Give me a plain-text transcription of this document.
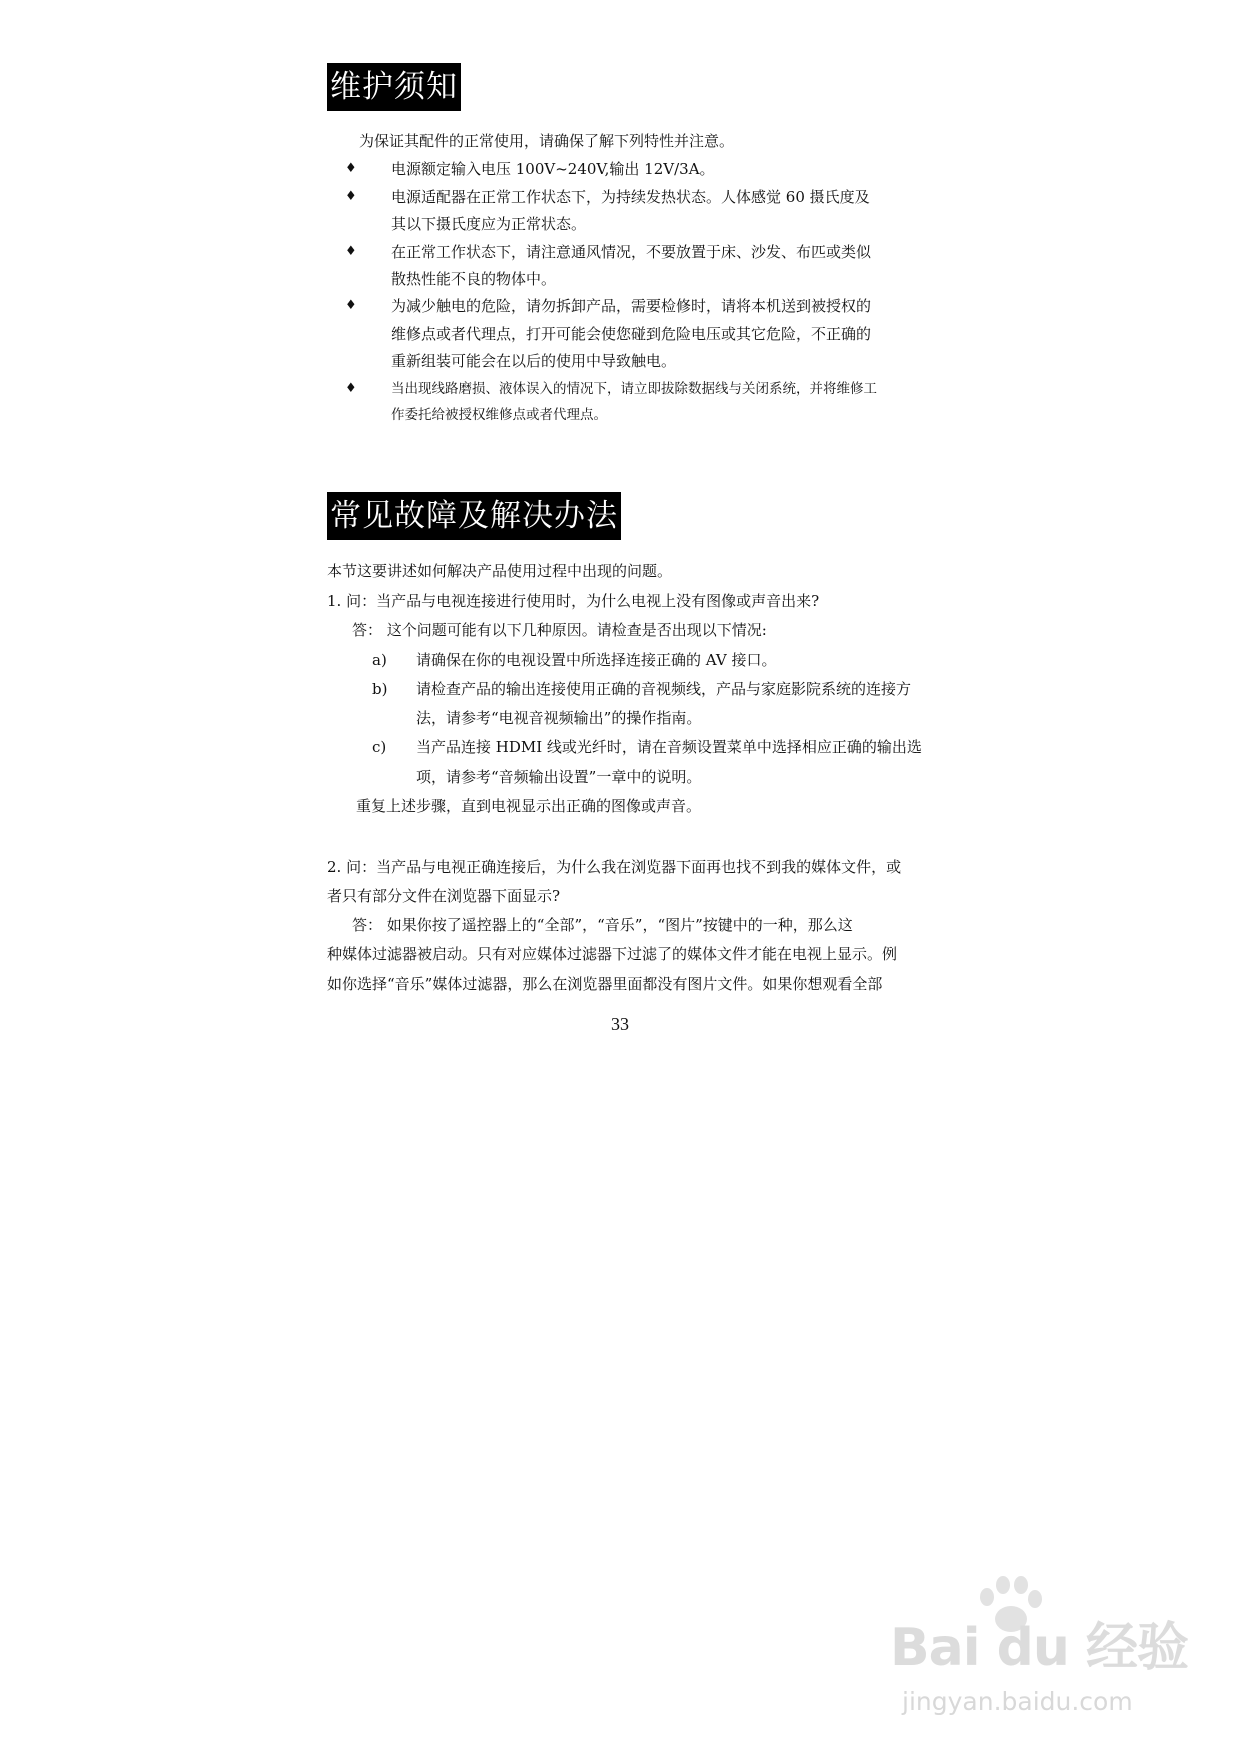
维护须知
为保证其配件的正常使用，请确保了解下列特性并注意。
♦ 电源额定输入电压 100V~240V,输出 12V/3A。
♦ 电源适配器在正常工作状态下，为持续发热状态。人体感觉 60 摄氏度及
其以下摄氏度应为正常状态。
♦ 在正常工作状态下，请注意通风情况，不要放置于床、沙发、布匹或类似
散热性能不良的物体中。
♦ 为减少触电的危险，请勿拆卸产品，需要检修时，请将本机送到被授权的
维修点或者代理点，打开可能会使您碰到危险电压或其它危险，不正确的
重新组装可能会在以后的使用中导致触电。
♦	当出现线路磨损、液体误入的情况下，请立即拔除数据线与关闭系统，并将维修工
作委托给被授权维修点或者代理点。
常见故障及解决办法
本节这要讲述如何解决产品使用过程中出现的问题。
1. 问：当产品与电视连接进行使用时，为什么电视上没有图像或声音出来?
答： 这个问题可能有以下几种原因。请检查是否出现以下情况:
a) 请确保在你的电视设置中所选择连接正确的 AV 接口。
b) 请检查产品的输出连接使用正确的音视频线，产品与家庭影院系统的连接方
法，请参考“电视音视频输出”的操作指南。
c) 当产品连接 HDMI 线或光纤时，请在音频设置菜单中选择相应正确的输出选
项，请参考“音频输出设置”一章中的说明。
重复上述步骤，直到电视显示出正确的图像或声音。
2. 问：当产品与电视正确连接后，为什么我在浏览器下面再也找不到我的媒体文件，或
者只有部分文件在浏览器下面显示?
答： 如果你按了遥控器上的“全部”，“音乐”，“图片”按键中的一种，那么这
种媒体过滤器被启动。只有对应媒体过滤器下过滤了的媒体文件才能在电视上显示。例
如你选择“音乐”媒体过滤器，那么在浏览器里面都没有图片文件。如果你想观看全部
33
Bai du 经验
jingyan.baidu.com
